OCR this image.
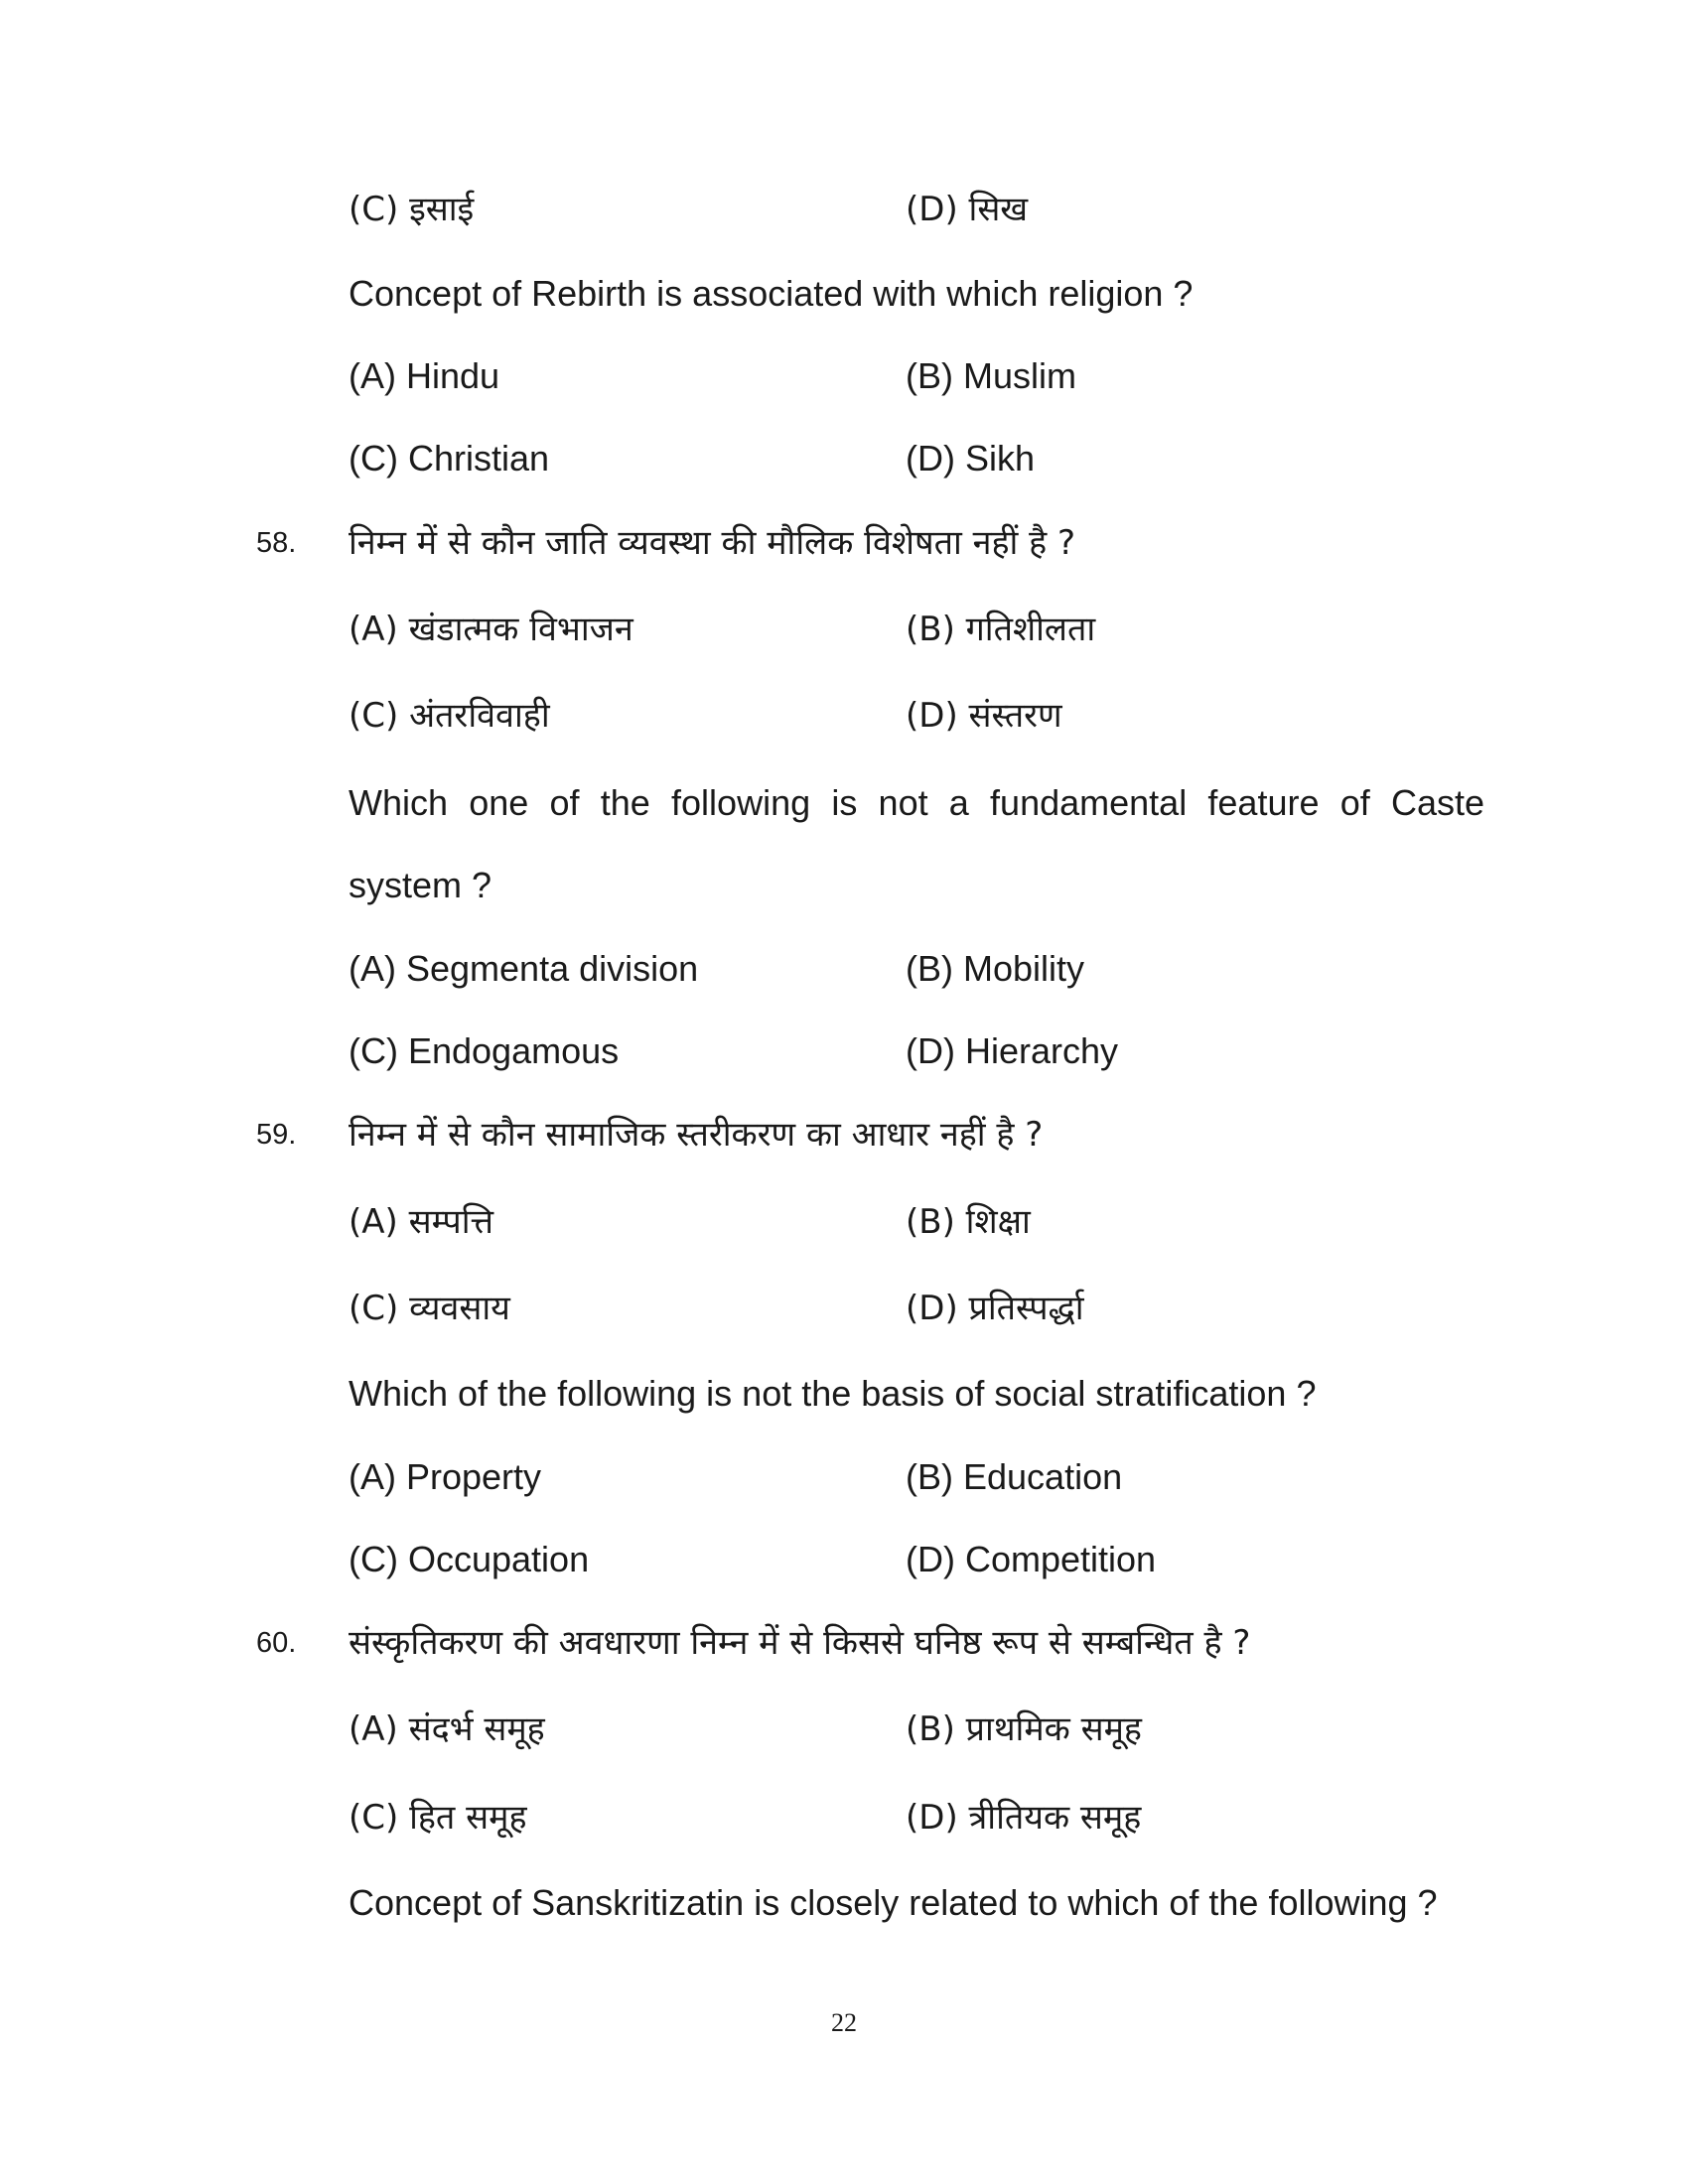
(C) इसाई	(D) सिख
Concept of Rebirth is associated with which religion ?
(A) Hindu	(B) Muslim
(C) Christian	(D) Sikh
58. निम्न में से कौन जाति व्यवस्था की मौलिक विशेषता नहीं है ?
(A) खंडात्मक विभाजन	(B) गतिशीलता
(C) अंतरविवाही	(D) संस्तरण
Which one of the following is not a fundamental feature of Caste
system ?
(A) Segmenta division	(B) Mobility
(C) Endogamous	(D) Hierarchy
59. निम्न में से कौन सामाजिक स्तरीकरण का आधार नहीं है ?
(A) सम्पत्ति	(B) शिक्षा
(C) व्यवसाय	(D) प्रतिस्पर्द्धा
Which of the following is not the basis of social stratification ?
(A) Property	(B) Education
(C) Occupation	(D) Competition
60. संस्कृतिकरण की अवधारणा निम्न में से किससे घनिष्ठ रूप से सम्बन्धित है ?
(A) संदर्भ समूह	(B) प्राथमिक समूह
(C) हित समूह	(D) त्रीतियक समूह
Concept of Sanskritizatin is closely related to which of the following ?
22
